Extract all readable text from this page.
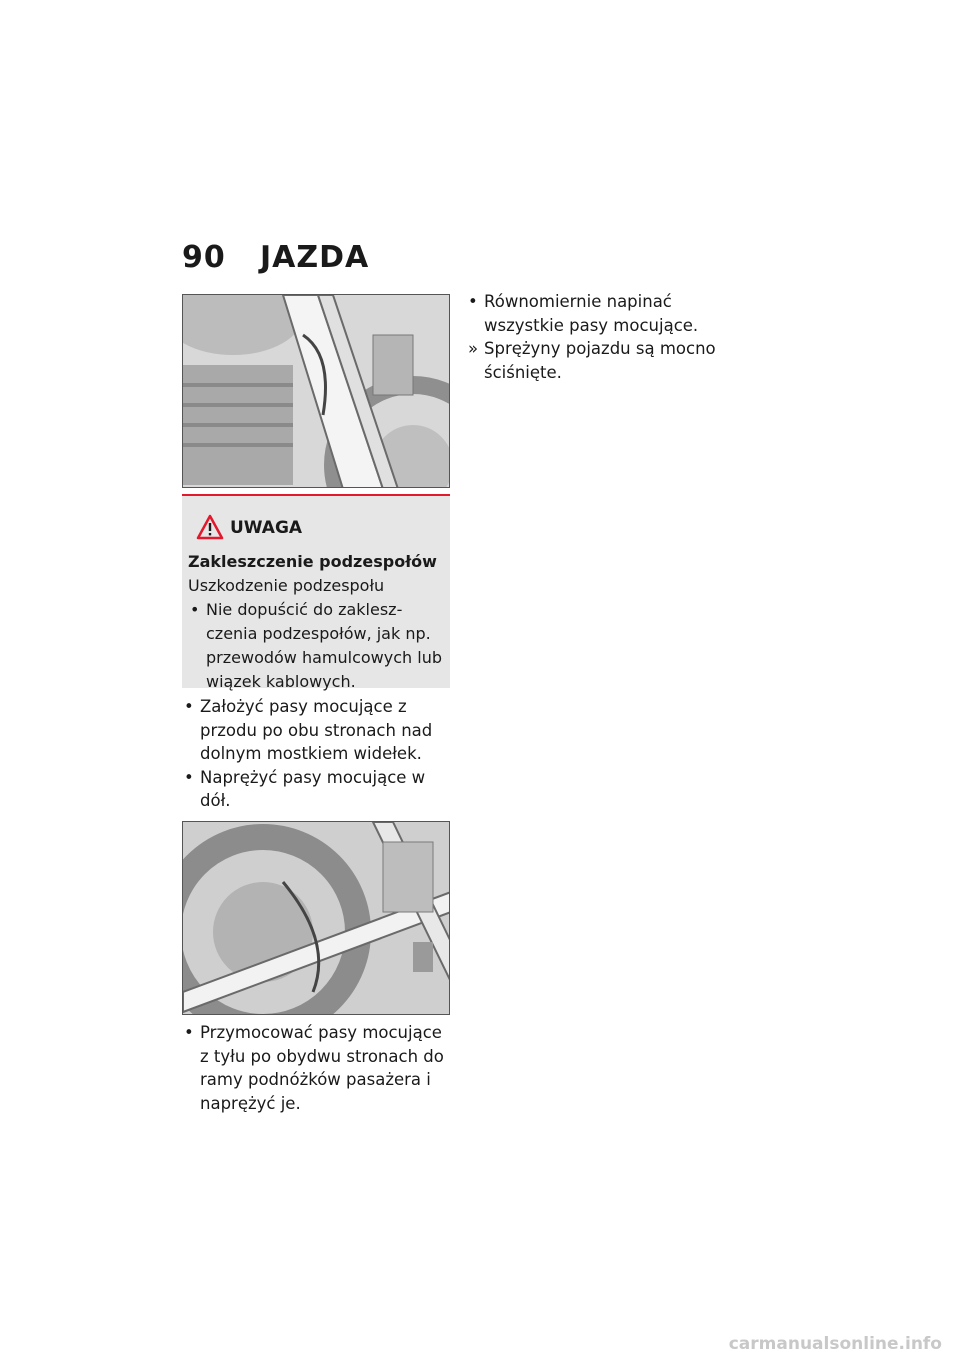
90 JAZDA
UWAGA
Zakleszczenie podzespołów
Uszkodzenie podzespołu
• Nie dopuścić do zaklesz-czenia podzespołów, jak np. przewodów hamulcowych lub wiązek kablowych.
• Założyć pasy mocujące z przodu po obu stronach nad dolnym mostkiem widełek.
• Naprężyć pasy mocujące w dół.
• Przymocować pasy mocujące z tyłu po obydwu stronach do ramy podnóżków pasażera i naprężyć je.
• Równomiernie napinać wszystkie pasy mocujące.
» Sprężyny pojazdu są mocno ściśnięte.
carmanualsonline.info
